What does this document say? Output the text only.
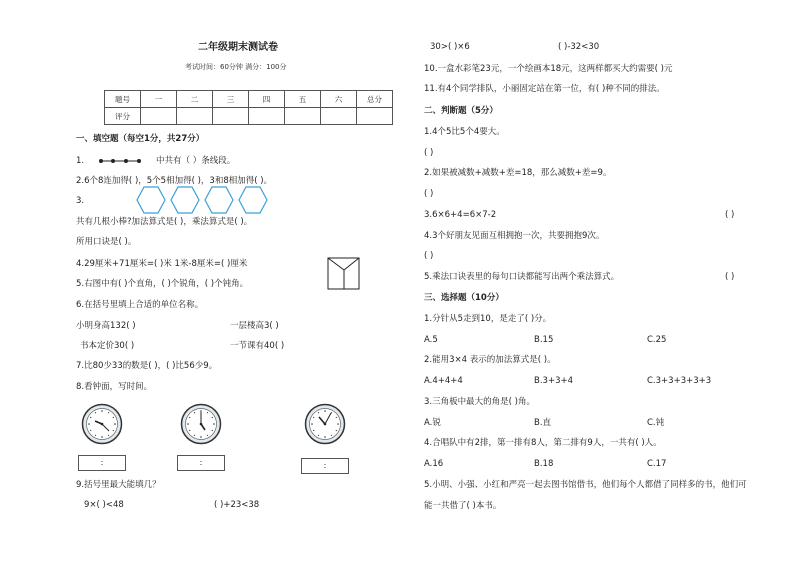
二年级期末测试卷
考试时间：60分钟 满分：100分
题号	一	二	三	四	五	六	总分
评分							
一、填空题（每空1分，共27分）
1.	中共有（ ）条线段。
2.6个8连加得( )，5个5相加得( )，3和8相加得( )。
3.
共有几根小棒?加法算式是( )，乘法算式是( )。
所用口诀是( )。
4.29厘米+71厘米=( )米 1米-8厘米=( )厘米
5.右图中有( )个直角，( )个锐角，( )个钝角。
6.在括号里填上合适的单位名称。
小明身高132( )	一层楼高3( )
书本定价30( )	一节课有40( )
7.比80少33的数是( )，( )比56少9。
8.看钟面，写时间。
:	:	:
9.括号里最大能填几？
9×( )<48	( )+23<38
30>( )×6	( )-32<30
10.一盒水彩笔23元，一个绘画本18元，这两样都买大约需要( )元
11.有4个同学排队，小丽固定站在第一位，有( )种不同的排法。
二、判断题（5分）
1.4个5比5个4要大。
( )
2.如果被减数+减数+差=18，那么减数+差=9。
( )
3.6×6+4=6×7-2	( )
4.3个好朋友见面互相拥抱一次，共要拥抱9次。
( )
5.乘法口诀表里的每句口诀都能写出两个乘法算式。	( )
三、选择题（10分）
1.分针从5走到10，是走了( )分。
A.5	B.15	C.25
2.能用3×4 表示的加法算式是( )。
A.4+4+4	B.3+3+4	C.3+3+3+3+3
3.三角板中最大的角是( )角。
A.锐	B.直	C.钝
4.合唱队中有2排，第一排有8人，第二排有9人，一共有( )人。
A.16	B.18	C.17
5.小明、小强、小红和严亮一起去图书馆借书，他们每个人都借了同样多的书，他们可
能一共借了( )本书。
